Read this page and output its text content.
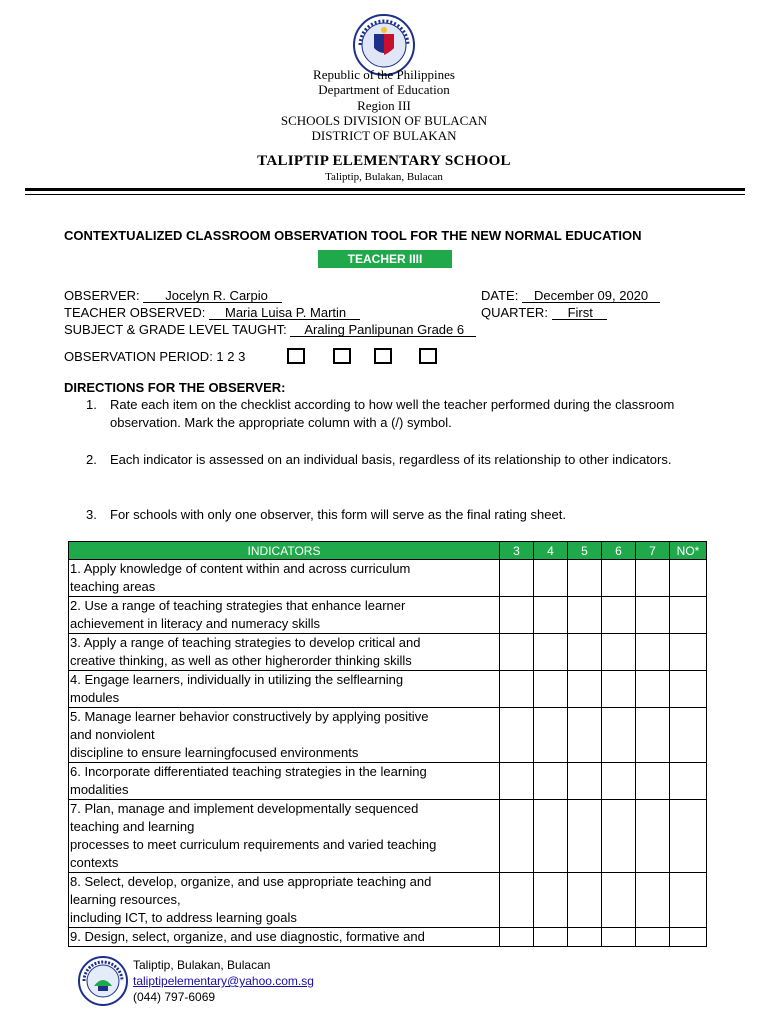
Republic of the Philippines
Department of Education
Region III
SCHOOLS DIVISION OF BULACAN
DISTRICT OF BULAKAN
TALIPTIP ELEMENTARY SCHOOL
Taliptip, Bulakan, Bulacan
CONTEXTUALIZED CLASSROOM OBSERVATION TOOL FOR THE NEW NORMAL EDUCATION
TEACHER IIII
OBSERVER: Jocelyn R. Carpio	DATE: December 09, 2020
TEACHER OBSERVED: Maria Luisa P. Martin	QUARTER: First
SUBJECT & GRADE LEVEL TAUGHT: Araling Panlipunan Grade 6
OBSERVATION PERIOD: 1 2 3
DIRECTIONS FOR THE OBSERVER:
1. Rate each item on the checklist according to how well the teacher performed during the classroom observation. Mark the appropriate column with a (/) symbol.
2. Each indicator is assessed on an individual basis, regardless of its relationship to other indicators.
3. For schools with only one observer, this form will serve as the final rating sheet.
INDICATORS	3	4	5	6	7	NO*

1. Apply knowledge of content within and across curriculum
teaching areas						

2. Use a range of teaching strategies that enhance learner
achievement in literacy and numeracy skills						

3. Apply a range of teaching strategies to develop critical and
creative thinking, as well as other higherorder thinking skills						

4. Engage learners, individually in utilizing the selflearning
modules						

5. Manage learner behavior constructively by applying positive
and nonviolent
discipline to ensure learningfocused environments						

6. Incorporate differentiated teaching strategies in the learning
modalities						

7. Plan, manage and implement developmentally sequenced
teaching and learning
processes to meet curriculum requirements and varied teaching
contexts						

8. Select, develop, organize, and use appropriate teaching and
learning resources,
including ICT, to address learning goals						

9. Design, select, organize, and use diagnostic, formative and						

Taliptip, Bulakan, Bulacan
taliptipelementary@yahoo.com.sg
(044) 797-6069
